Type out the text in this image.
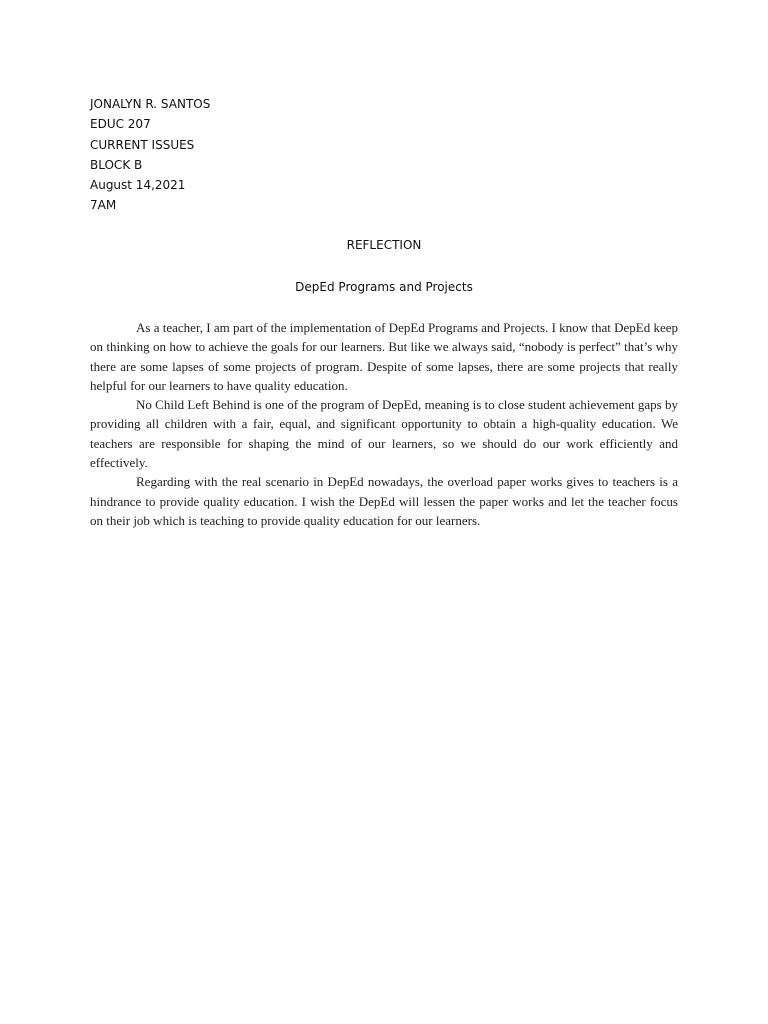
JONALYN R. SANTOS
EDUC 207
CURRENT ISSUES
BLOCK B
August 14,2021
7AM
REFLECTION
DepEd Programs and Projects

As a teacher, I am part of the implementation of DepEd Programs and Projects. I know that DepEd keep on thinking on how to achieve the goals for our learners. But like we always said, “nobody is perfect” that’s why there are some lapses of some projects of program. Despite of some lapses, there are some projects that really helpful for our learners to have quality education.

No Child Left Behind is one of the program of DepEd, meaning is to close student achievement gaps by providing all children with a fair, equal, and significant opportunity to obtain a high-quality education. We teachers are responsible for shaping the mind of our learners, so we should do our work efficiently and effectively.

Regarding with the real scenario in DepEd nowadays, the overload paper works gives to teachers is a hindrance to provide quality education. I wish the DepEd will lessen the paper works and let the teacher focus on their job which is teaching to provide quality education for our learners.
